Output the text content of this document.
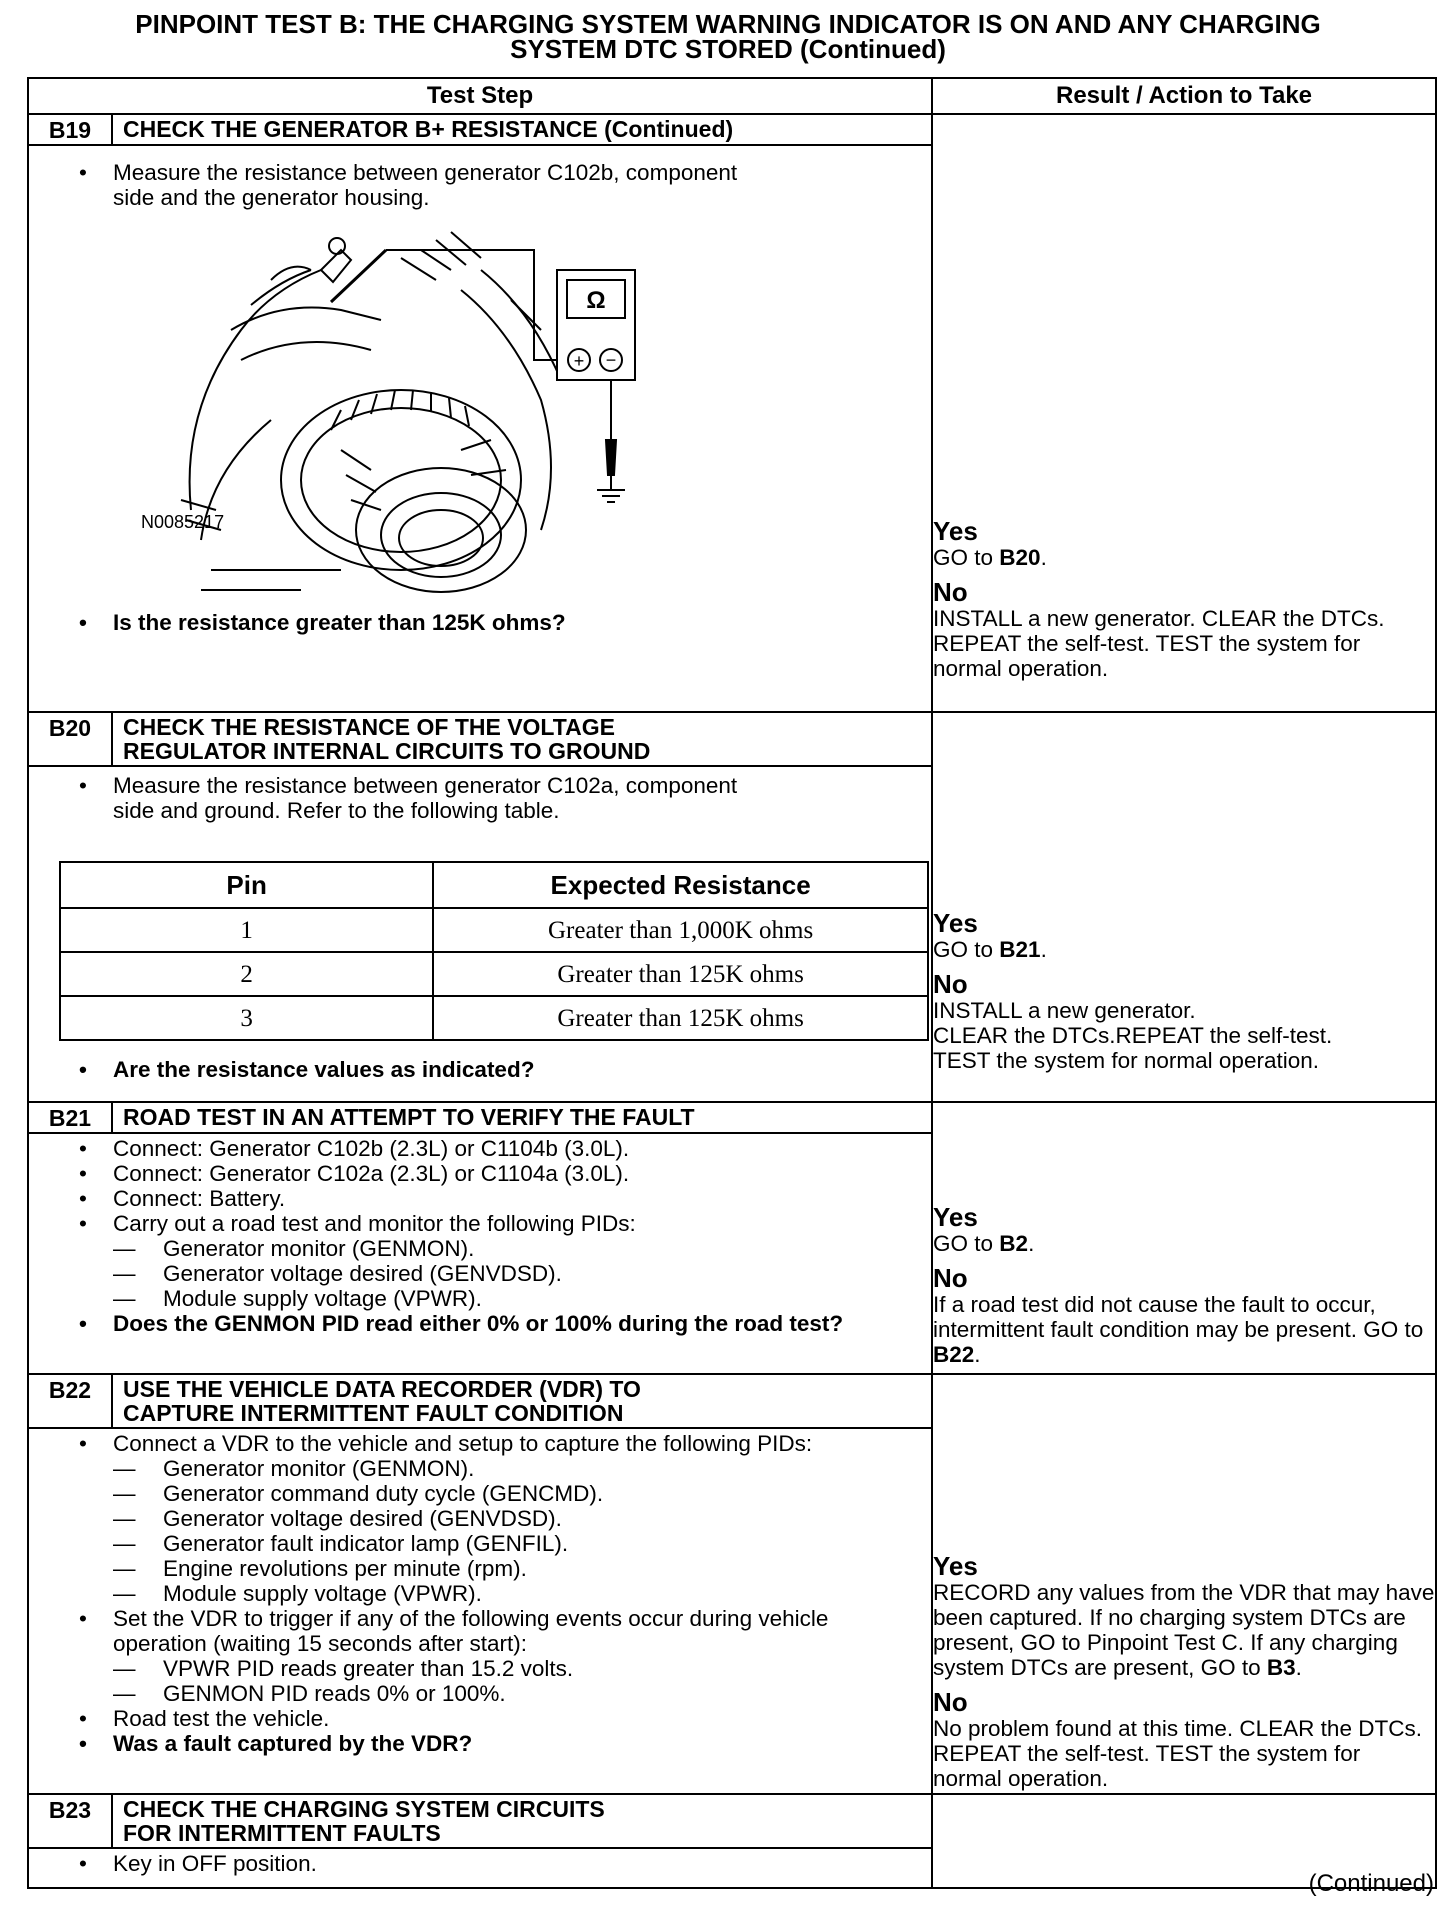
PINPOINT TEST B: THE CHARGING SYSTEM WARNING INDICATOR IS ON AND ANY CHARGING
SYSTEM DTC STORED (Continued)
Test Step	Result / Action to Take

B19	CHECK THE GENERATOR B+ RESISTANCE (Continued)
• Measure the resistance between generator C102b, component side and the generator housing.
Ω
+ −
N0085217
• Is the resistance greater than 125K ohms?

Yes
GO to B20.
No
INSTALL a new generator. CLEAR the DTCs. REPEAT the self-test. TEST the system for normal operation.

B20	CHECK THE RESISTANCE OF THE VOLTAGE REGULATOR INTERNAL CIRCUITS TO GROUND
• Measure the resistance between generator C102a, component side and ground. Refer to the following table.
Pin	Expected Resistance
1	Greater than 1,000K ohms
2	Greater than 125K ohms
3	Greater than 125K ohms
• Are the resistance values as indicated?

Yes
GO to B21.
No
INSTALL a new generator.
CLEAR the DTCs.REPEAT the self-test.
TEST the system for normal operation.

B21	ROAD TEST IN AN ATTEMPT TO VERIFY THE FAULT
• Connect: Generator C102b (2.3L) or C1104b (3.0L).
• Connect: Generator C102a (2.3L) or C1104a (3.0L).
• Connect: Battery.
• Carry out a road test and monitor the following PIDs:
— Generator monitor (GENMON).
— Generator voltage desired (GENVDSD).
— Module supply voltage (VPWR).
• Does the GENMON PID read either 0% or 100% during the road test?

Yes
GO to B2.
No
If a road test did not cause the fault to occur, intermittent fault condition may be present. GO to B22.

B22	USE THE VEHICLE DATA RECORDER (VDR) TO CAPTURE INTERMITTENT FAULT CONDITION
• Connect a VDR to the vehicle and setup to capture the following PIDs:
— Generator monitor (GENMON).
— Generator command duty cycle (GENCMD).
— Generator voltage desired (GENVDSD).
— Generator fault indicator lamp (GENFIL).
— Engine revolutions per minute (rpm).
— Module supply voltage (VPWR).
• Set the VDR to trigger if any of the following events occur during vehicle operation (waiting 15 seconds after start):
— VPWR PID reads greater than 15.2 volts.
— GENMON PID reads 0% or 100%.
• Road test the vehicle.
• Was a fault captured by the VDR?

Yes
RECORD any values from the VDR that may have been captured. If no charging system DTCs are present, GO to Pinpoint Test C. If any charging system DTCs are present, GO to B3.
No
No problem found at this time. CLEAR the DTCs. REPEAT the self-test. TEST the system for normal operation.

B23	CHECK THE CHARGING SYSTEM CIRCUITS FOR INTERMITTENT FAULTS
• Key in OFF position.

(Continued)
